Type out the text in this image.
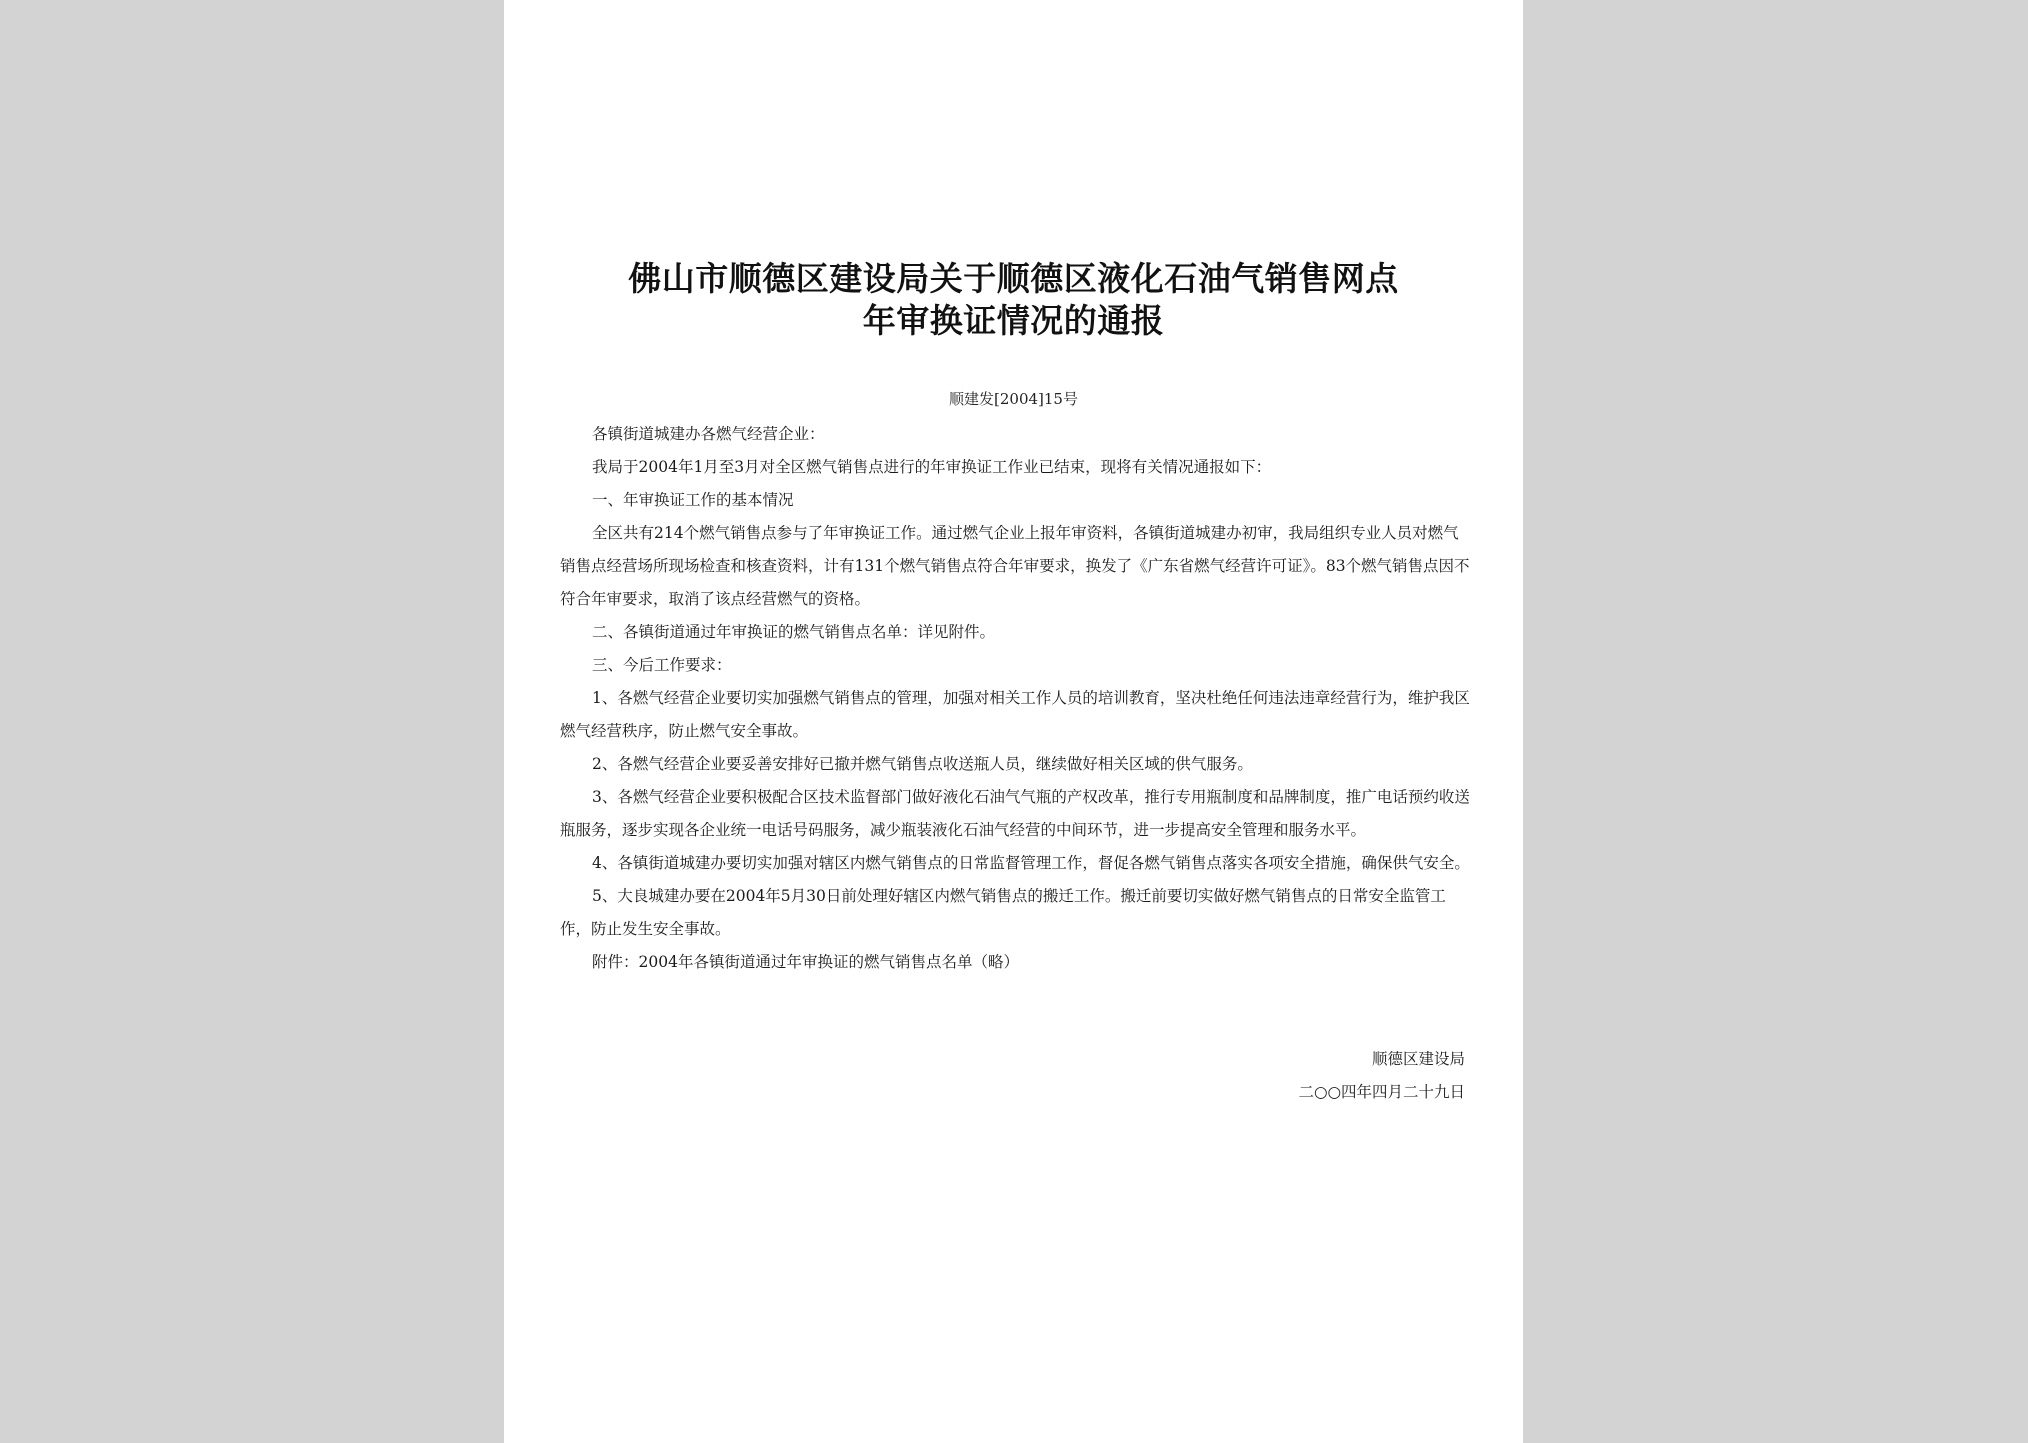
佛山市顺德区建设局关于顺德区液化石油气销售网点
年审换证情况的通报
顺建发[2004]15号

各镇街道城建办各燃气经营企业：

我局于2004年1月至3月对全区燃气销售点进行的年审换证工作业已结束，现将有关情况通报如下：

一、年审换证工作的基本情况

全区共有214个燃气销售点参与了年审换证工作。通过燃气企业上报年审资料，各镇街道城建办初审，我局组织专业人员对燃气销售点经营场所现场检查和核查资料，计有131个燃气销售点符合年审要求，换发了《广东省燃气经营许可证》。83个燃气销售点因不符合年审要求，取消了该点经营燃气的资格。

二、各镇街道通过年审换证的燃气销售点名单：详见附件。

三、今后工作要求：

1、各燃气经营企业要切实加强燃气销售点的管理，加强对相关工作人员的培训教育，坚决杜绝任何违法违章经营行为，维护我区燃气经营秩序，防止燃气安全事故。

2、各燃气经营企业要妥善安排好已撤并燃气销售点收送瓶人员，继续做好相关区域的供气服务。

3、各燃气经营企业要积极配合区技术监督部门做好液化石油气气瓶的产权改革，推行专用瓶制度和品牌制度，推广电话预约收送瓶服务，逐步实现各企业统一电话号码服务，减少瓶装液化石油气经营的中间环节，进一步提高安全管理和服务水平。

4、各镇街道城建办要切实加强对辖区内燃气销售点的日常监督管理工作，督促各燃气销售点落实各项安全措施，确保供气安全。

5、大良城建办要在2004年5月30日前处理好辖区内燃气销售点的搬迁工作。搬迁前要切实做好燃气销售点的日常安全监管工作，防止发生安全事故。

附件：2004年各镇街道通过年审换证的燃气销售点名单（略）

顺德区建设局
二○○四年四月二十九日
